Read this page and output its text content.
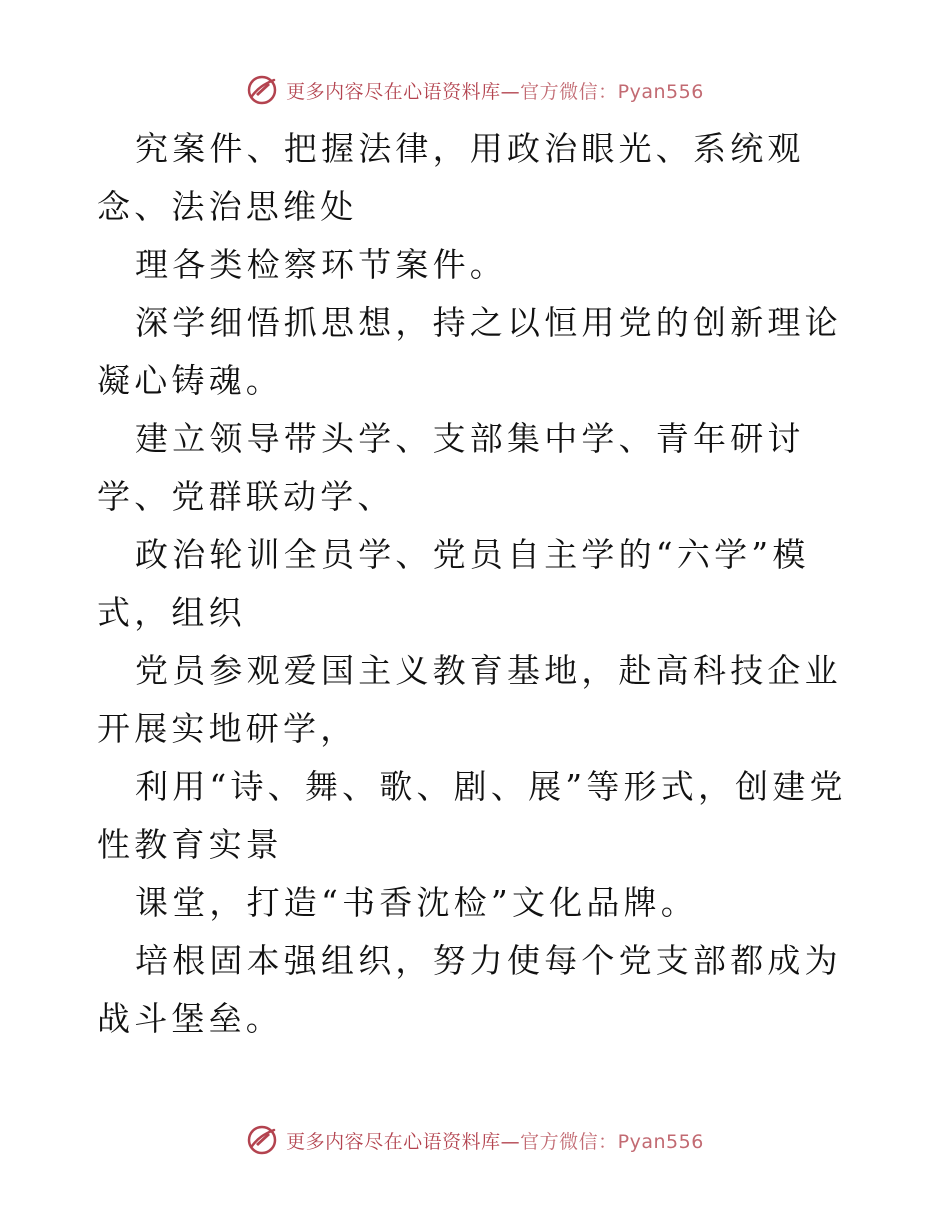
更多内容尽在心语资料库—官方微信：Pyan556

究案件、把握法律，用政治眼光、系统观念、法治思维处

理各类检察环节案件。

深学细悟抓思想，持之以恒用党的创新理论凝心铸魂。

建立领导带头学、支部集中学、青年研讨学、党群联动学、

政治轮训全员学、党员自主学的“六学”模式，组织

党员参观爱国主义教育基地，赴高科技企业开展实地研学，

利用“诗、舞、歌、剧、展”等形式，创建党性教育实景

课堂，打造“书香沈检”文化品牌。

培根固本强组织，努力使每个党支部都成为战斗堡垒。

更多内容尽在心语资料库—官方微信：Pyan556
